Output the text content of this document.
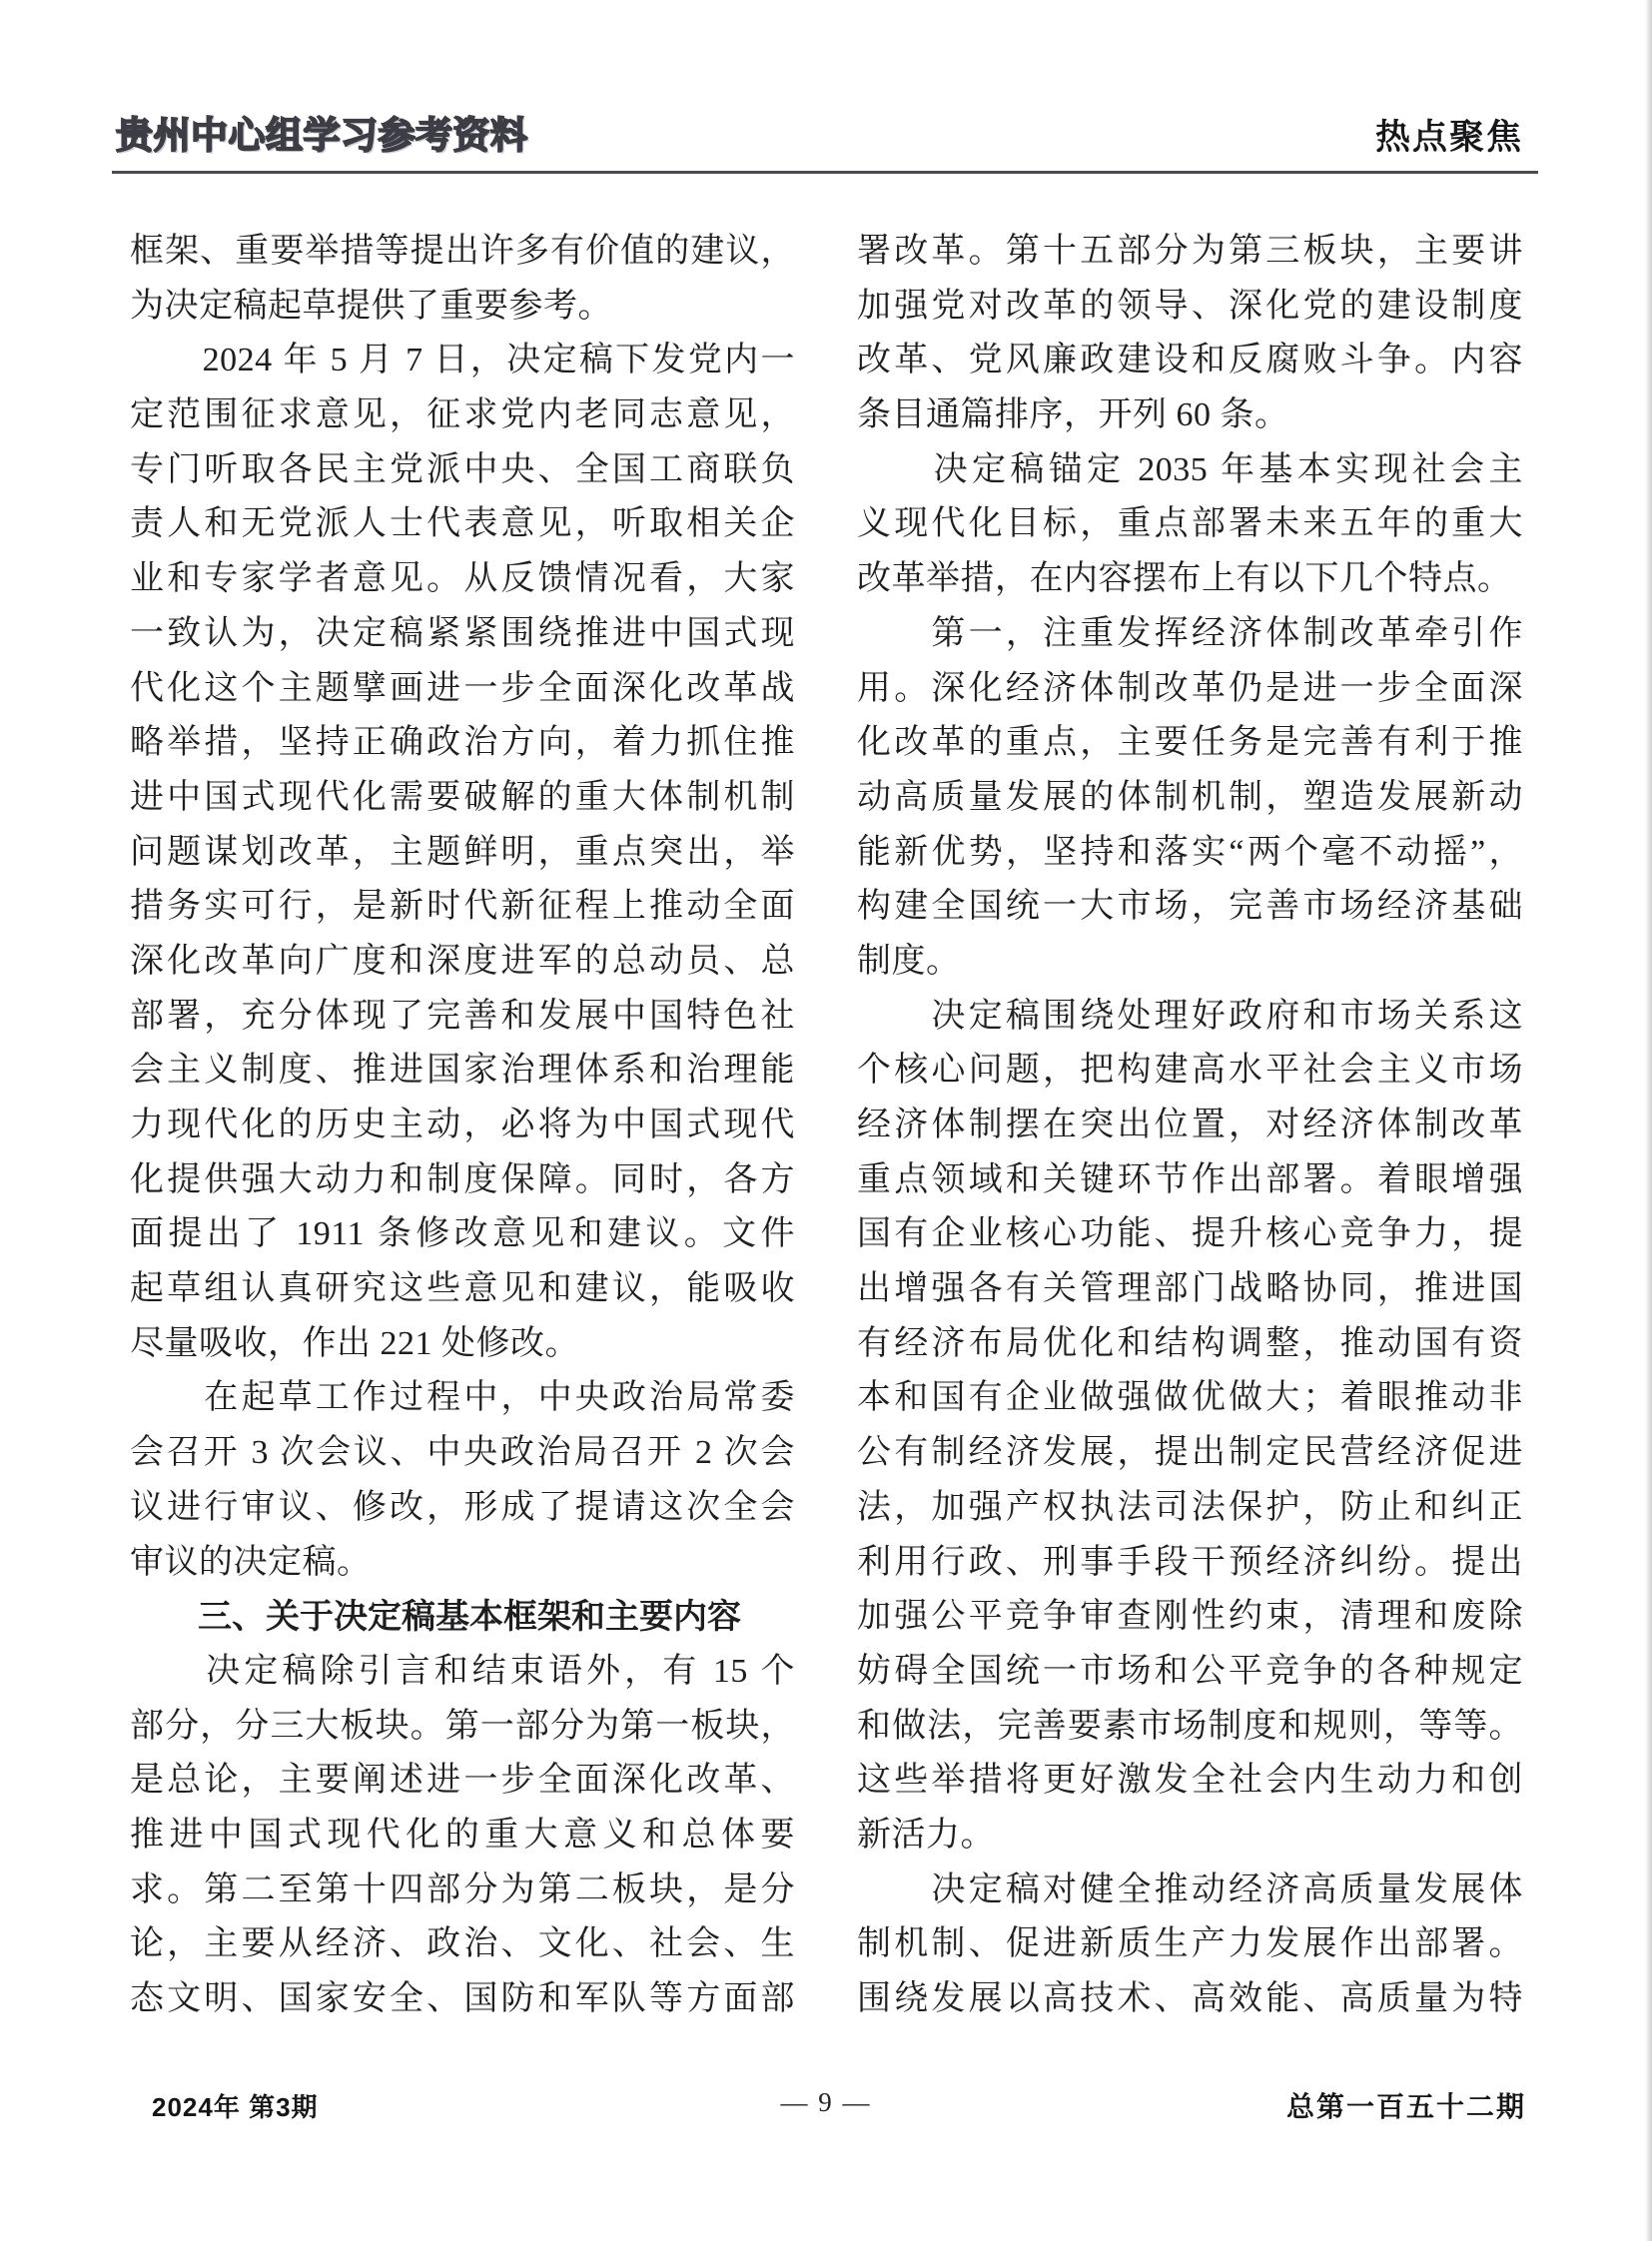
贵州中心组学习参考资料	热点聚焦
框架、重要举措等提出许多有价值的建议，
为决定稿起草提供了重要参考。
　　2024 年 5 月 7 日，决定稿下发党内一
定范围征求意见，征求党内老同志意见，
专门听取各民主党派中央、全国工商联负
责人和无党派人士代表意见，听取相关企
业和专家学者意见。从反馈情况看，大家
一致认为，决定稿紧紧围绕推进中国式现
代化这个主题擘画进一步全面深化改革战
略举措，坚持正确政治方向，着力抓住推
进中国式现代化需要破解的重大体制机制
问题谋划改革，主题鲜明，重点突出，举
措务实可行，是新时代新征程上推动全面
深化改革向广度和深度进军的总动员、总
部署，充分体现了完善和发展中国特色社
会主义制度、推进国家治理体系和治理能
力现代化的历史主动，必将为中国式现代
化提供强大动力和制度保障。同时，各方
面提出了 1911 条修改意见和建议。文件
起草组认真研究这些意见和建议，能吸收
尽量吸收，作出 221 处修改。
　　在起草工作过程中，中央政治局常委
会召开 3 次会议、中央政治局召开 2 次会
议进行审议、修改，形成了提请这次全会
审议的决定稿。
　　三、关于决定稿基本框架和主要内容
　　决定稿除引言和结束语外，有 15 个
部分，分三大板块。第一部分为第一板块，
是总论，主要阐述进一步全面深化改革、
推进中国式现代化的重大意义和总体要
求。第二至第十四部分为第二板块，是分
论，主要从经济、政治、文化、社会、生
态文明、国家安全、国防和军队等方面部
署改革。第十五部分为第三板块，主要讲
加强党对改革的领导、深化党的建设制度
改革、党风廉政建设和反腐败斗争。内容
条目通篇排序，开列 60 条。
　　决定稿锚定 2035 年基本实现社会主
义现代化目标，重点部署未来五年的重大
改革举措，在内容摆布上有以下几个特点。
　　第一，注重发挥经济体制改革牵引作
用。深化经济体制改革仍是进一步全面深
化改革的重点，主要任务是完善有利于推
动高质量发展的体制机制，塑造发展新动
能新优势，坚持和落实“两个毫不动摇”，
构建全国统一大市场，完善市场经济基础
制度。
　　决定稿围绕处理好政府和市场关系这
个核心问题，把构建高水平社会主义市场
经济体制摆在突出位置，对经济体制改革
重点领域和关键环节作出部署。着眼增强
国有企业核心功能、提升核心竞争力，提
出增强各有关管理部门战略协同，推进国
有经济布局优化和结构调整，推动国有资
本和国有企业做强做优做大；着眼推动非
公有制经济发展，提出制定民营经济促进
法，加强产权执法司法保护，防止和纠正
利用行政、刑事手段干预经济纠纷。提出
加强公平竞争审查刚性约束，清理和废除
妨碍全国统一市场和公平竞争的各种规定
和做法，完善要素市场制度和规则，等等。
这些举措将更好激发全社会内生动力和创
新活力。
　　决定稿对健全推动经济高质量发展体
制机制、促进新质生产力发展作出部署。
围绕发展以高技术、高效能、高质量为特
2024年 第3期	— 9 —	总第一百五十二期
